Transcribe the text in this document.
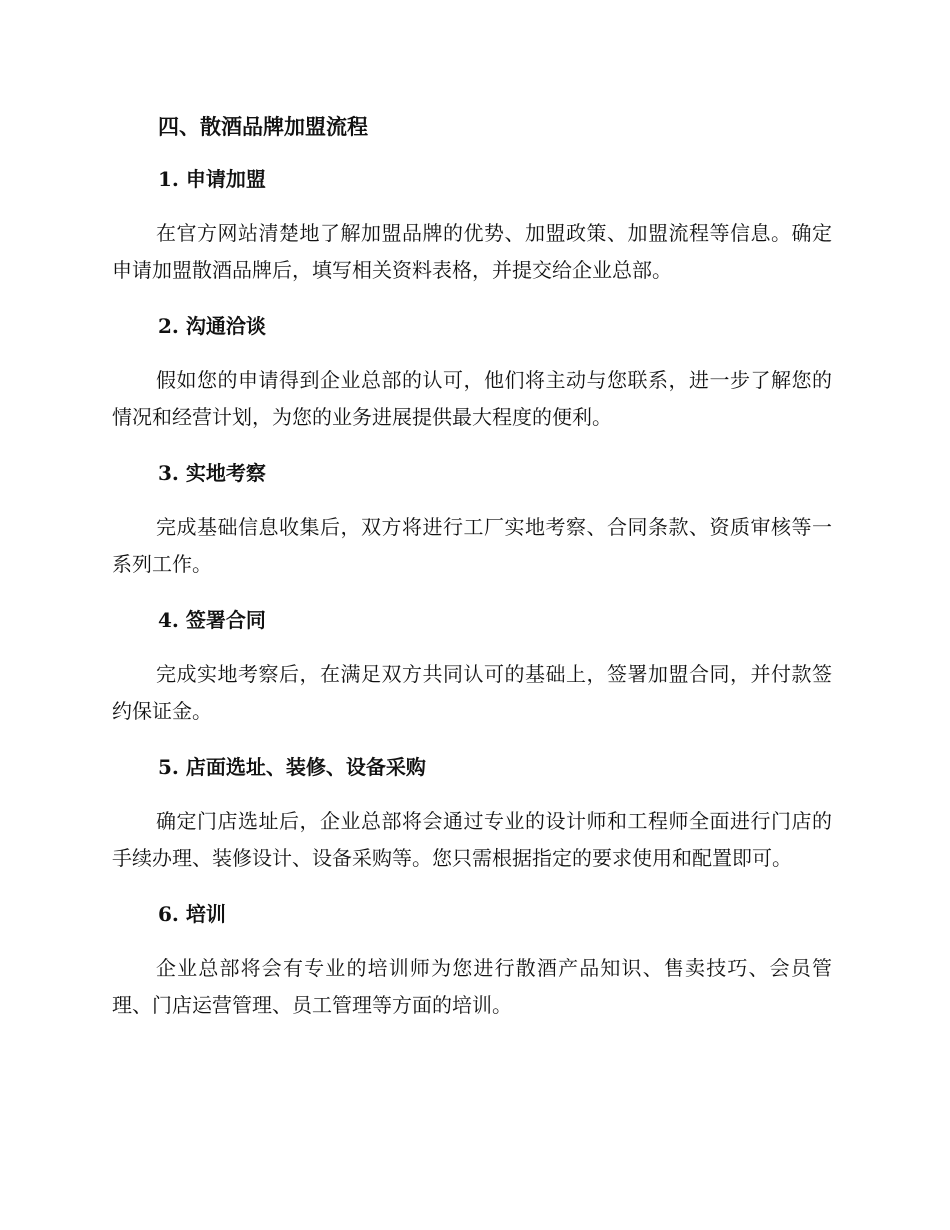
四、散酒品牌加盟流程
1. 申请加盟

在官方网站清楚地了解加盟品牌的优势、加盟政策、加盟流程等信息。确定申请加盟散酒品牌后，填写相关资料表格，并提交给企业总部。

2. 沟通洽谈

假如您的申请得到企业总部的认可，他们将主动与您联系，进一步了解您的情况和经营计划，为您的业务进展提供最大程度的便利。

3. 实地考察

完成基础信息收集后，双方将进行工厂实地考察、合同条款、资质审核等一系列工作。

4. 签署合同

完成实地考察后，在满足双方共同认可的基础上，签署加盟合同，并付款签约保证金。

5. 店面选址、装修、设备采购

确定门店选址后，企业总部将会通过专业的设计师和工程师全面进行门店的手续办理、装修设计、设备采购等。您只需根据指定的要求使用和配置即可。

6. 培训

企业总部将会有专业的培训师为您进行散酒产品知识、售卖技巧、会员管理、门店运营管理、员工管理等方面的培训。
